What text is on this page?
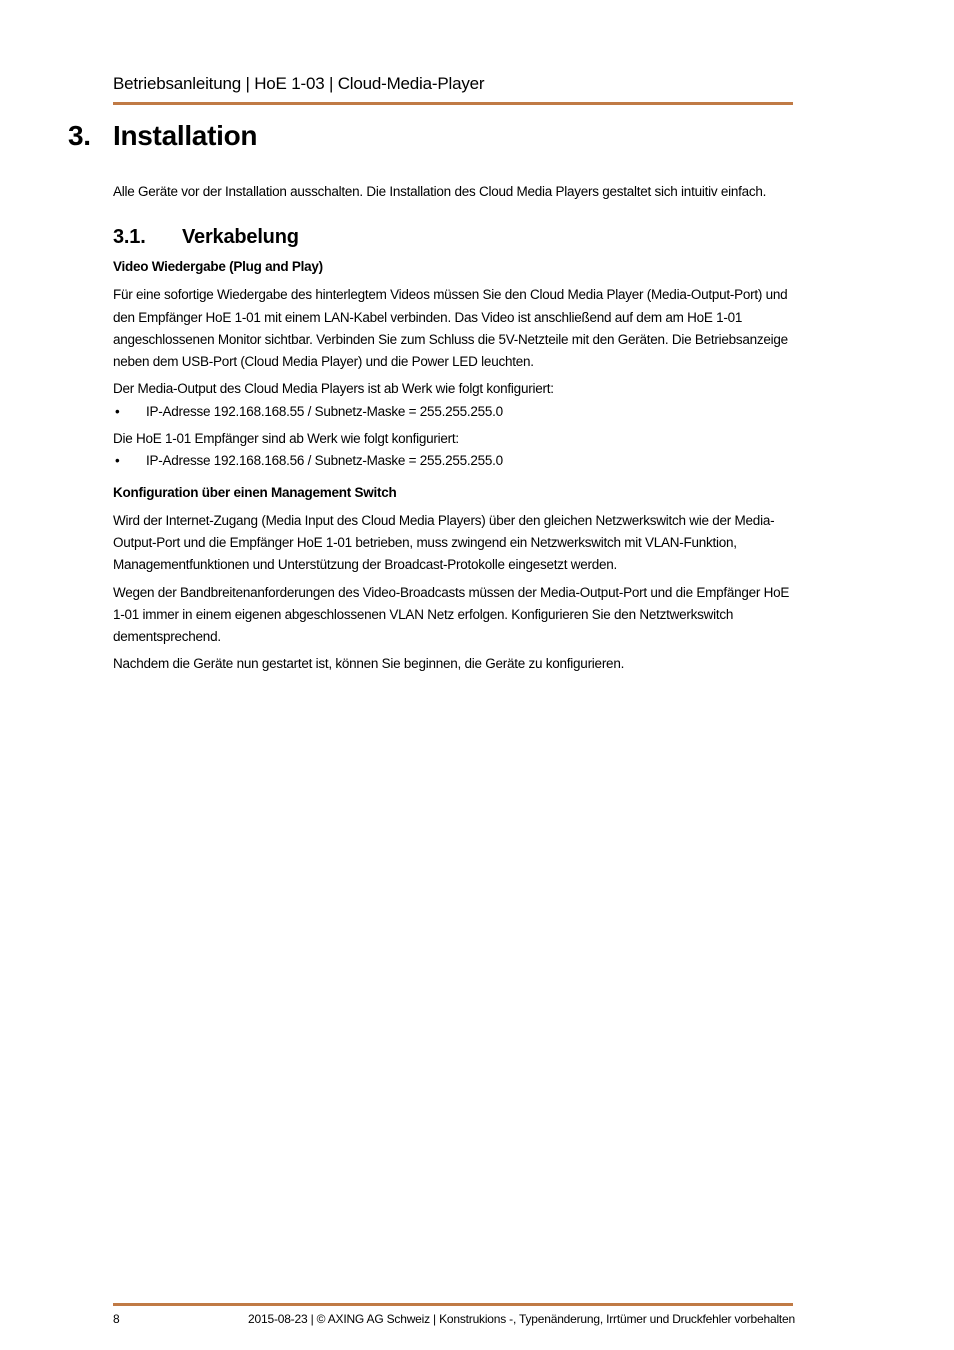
Betriebsanleitung | HoE 1-03 | Cloud-Media-Player
3. Installation

Alle Geräte vor der Installation ausschalten. Die Installation des Cloud Media Players gestaltet sich intuitiv einfach.

3.1. Verkabelung
Video Wiedergabe (Plug and Play)

Für eine sofortige Wiedergabe des hinterlegtem Videos müssen Sie den Cloud Media Player (Media-Output-Port) und den Empfänger HoE 1-01 mit einem LAN-Kabel verbinden. Das Video ist anschließend auf dem am HoE 1-01 angeschlossenen Monitor sichtbar. Verbinden Sie zum Schluss die 5V-Netzteile mit den Geräten. Die Betriebsanzeige neben dem USB-Port (Cloud Media Player) und die Power LED leuchten.

Der Media-Output des Cloud Media Players ist ab Werk wie folgt konfiguriert:

• IP-Adresse 192.168.168.55 / Subnetz-Maske = 255.255.255.0

Die HoE 1-01 Empfänger sind ab Werk wie folgt konfiguriert:

• IP-Adresse 192.168.168.56 / Subnetz-Maske = 255.255.255.0
Konfiguration über einen Management Switch

Wird der Internet-Zugang (Media Input des Cloud Media Players) über den gleichen Netzwerkswitch wie der Media-Output-Port und die Empfänger HoE 1-01 betrieben, muss zwingend ein Netzwerkswitch mit VLAN-Funktion, Managementfunktionen und Unterstützung der Broadcast-Protokolle eingesetzt werden.

Wegen der Bandbreitenanforderungen des Video-Broadcasts müssen der Media-Output-Port und die Empfänger HoE 1-01 immer in einem eigenen abgeschlossenen VLAN Netz erfolgen. Konfigurieren Sie den Netztwerkswitch dementsprechend.

Nachdem die Geräte nun gestartet ist, können Sie beginnen, die Geräte zu konfigurieren.

8	2015-08-23 | © AXING AG Schweiz | Konstrukions -, Typenänderung, Irrtümer und Druckfehler vorbehalten
